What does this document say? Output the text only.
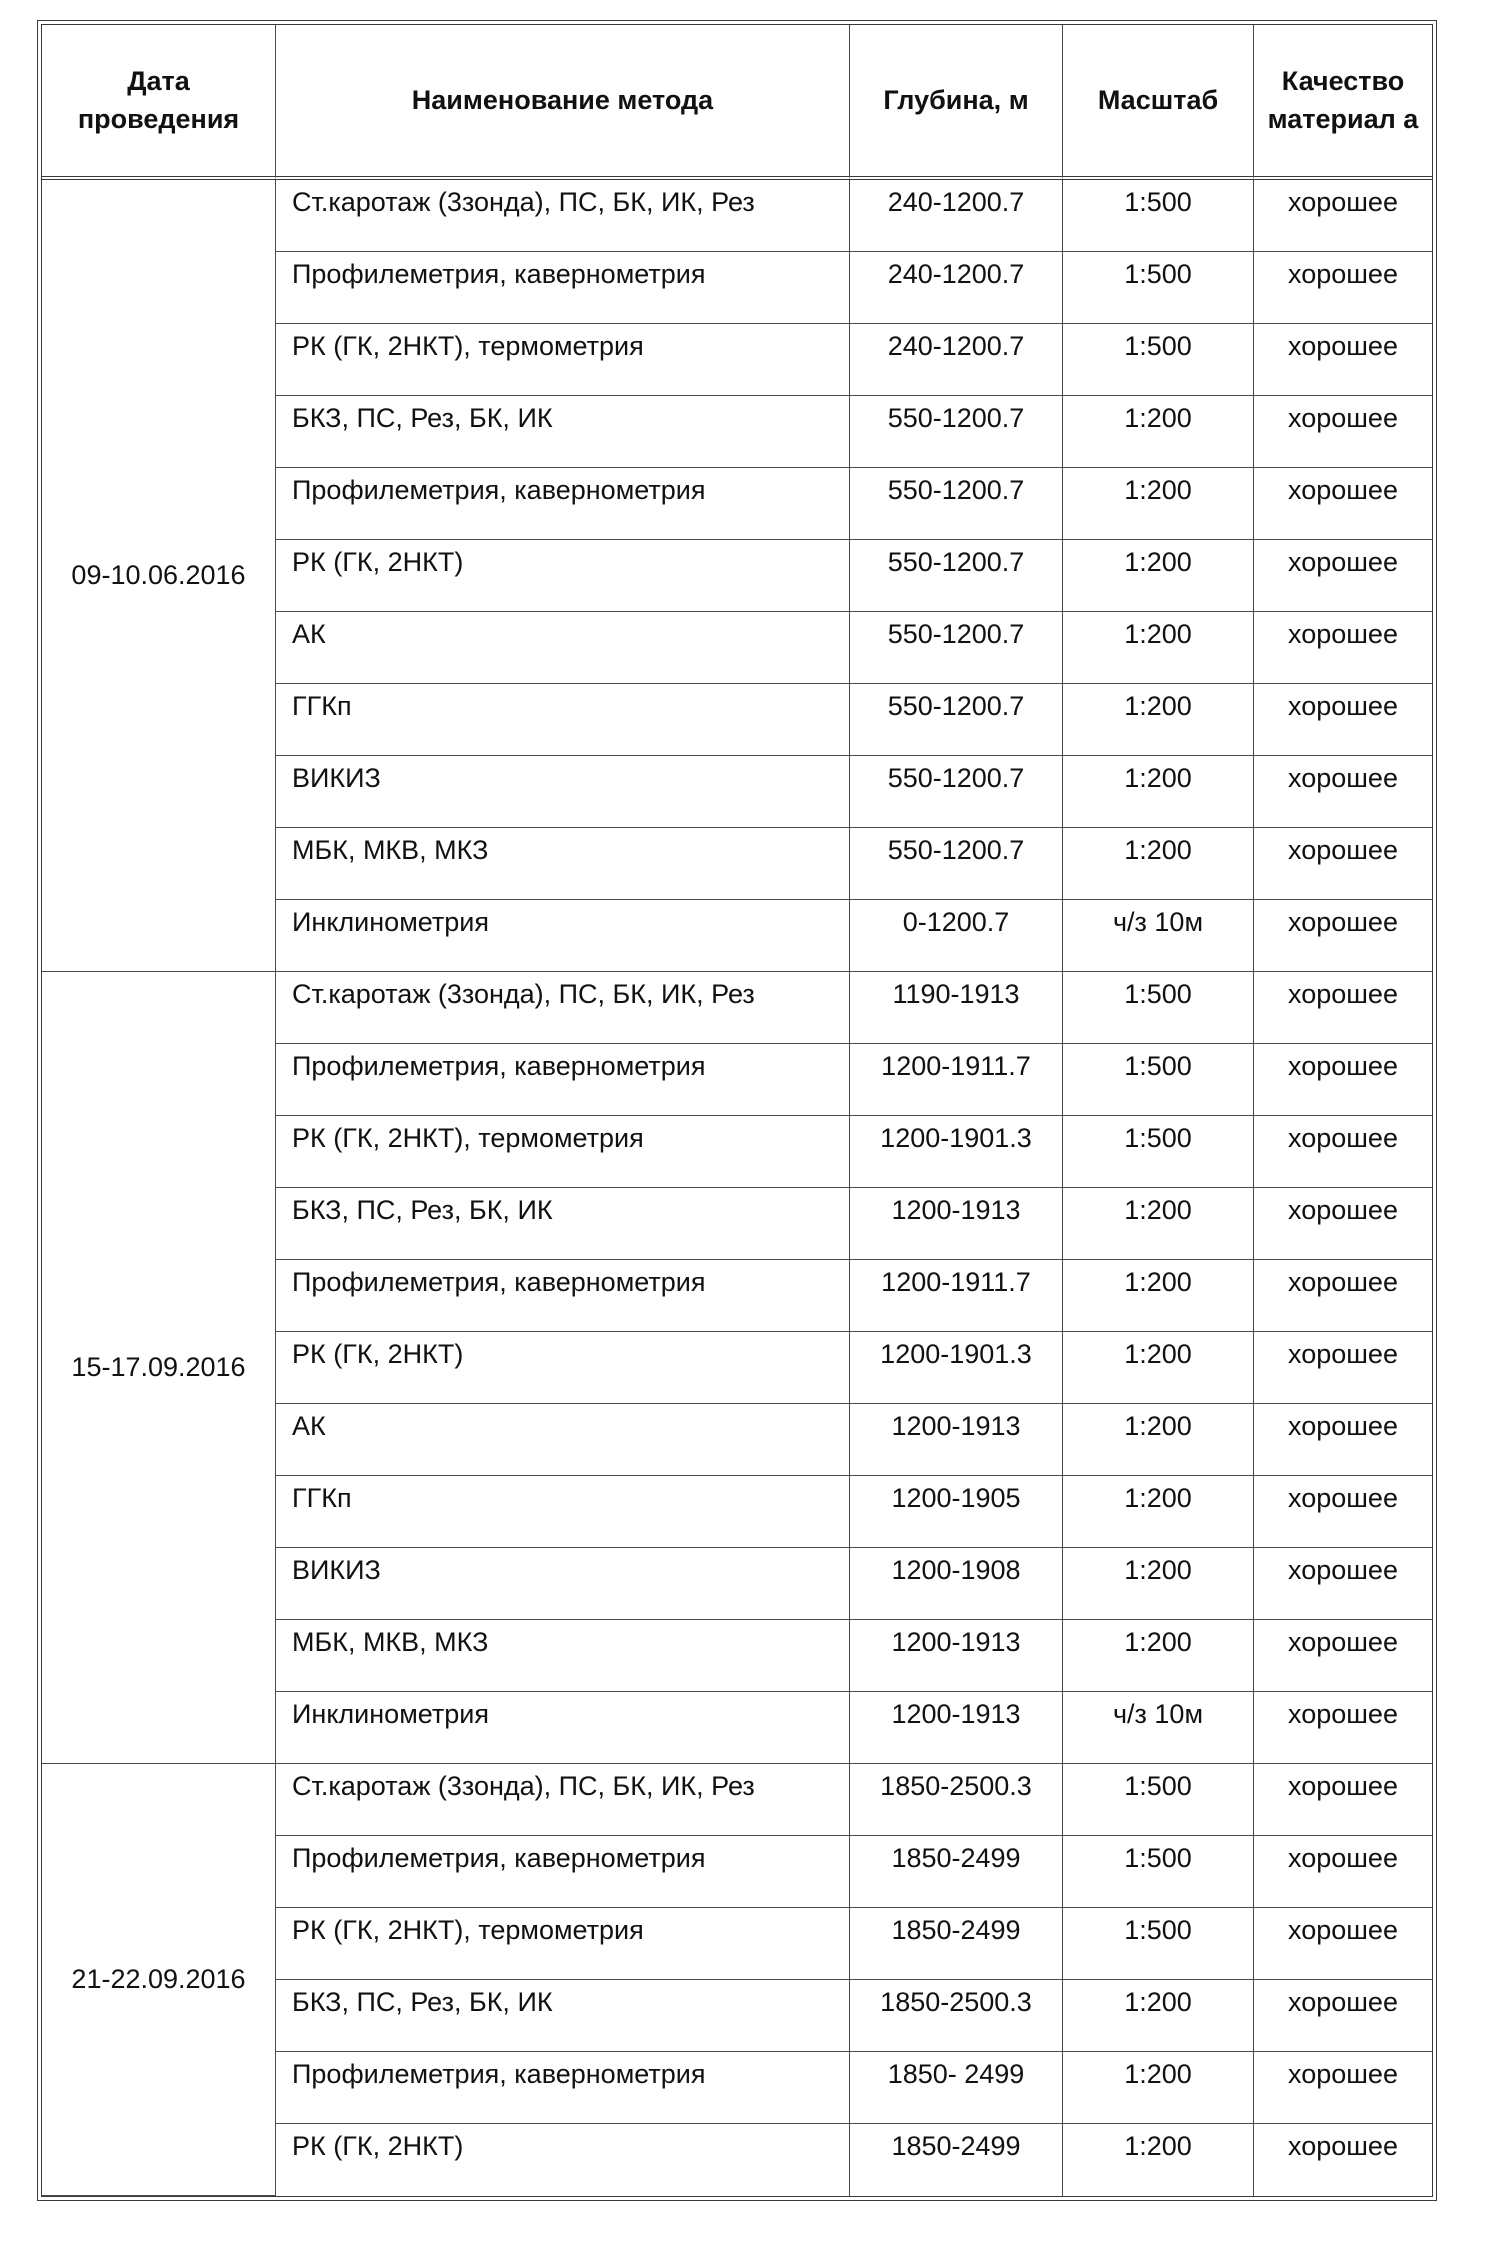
Дата проведения	Наименование метода	Глубина, м	Масштаб	Качество материал а
09-10.06.2016	Ст.каротаж (3зонда), ПС, БК, ИК, Рез	240-1200.7	1:500	хорошее
	Профилеметрия, кавернометрия	240-1200.7	1:500	хорошее
	РК (ГК, 2НКТ), термометрия	240-1200.7	1:500	хорошее
	БКЗ, ПС, Рез, БК, ИК	550-1200.7	1:200	хорошее
	Профилеметрия, кавернометрия	550-1200.7	1:200	хорошее
	РК (ГК, 2НКТ)	550-1200.7	1:200	хорошее
	АК	550-1200.7	1:200	хорошее
	ГГКп	550-1200.7	1:200	хорошее
	ВИКИЗ	550-1200.7	1:200	хорошее
	МБК, МКВ, МКЗ	550-1200.7	1:200	хорошее
	Инклинометрия	0-1200.7	ч/з 10м	хорошее
15-17.09.2016	Ст.каротаж (3зонда), ПС, БК, ИК, Рез	1190-1913	1:500	хорошее
	Профилеметрия, кавернометрия	1200-1911.7	1:500	хорошее
	РК (ГК, 2НКТ), термометрия	1200-1901.3	1:500	хорошее
	БКЗ, ПС, Рез, БК, ИК	1200-1913	1:200	хорошее
	Профилеметрия, кавернометрия	1200-1911.7	1:200	хорошее
	РК (ГК, 2НКТ)	1200-1901.3	1:200	хорошее
	АК	1200-1913	1:200	хорошее
	ГГКп	1200-1905	1:200	хорошее
	ВИКИЗ	1200-1908	1:200	хорошее
	МБК, МКВ, МКЗ	1200-1913	1:200	хорошее
	Инклинометрия	1200-1913	ч/з 10м	хорошее
21-22.09.2016	Ст.каротаж (3зонда), ПС, БК, ИК, Рез	1850-2500.3	1:500	хорошее
	Профилеметрия, кавернометрия	1850-2499	1:500	хорошее
	РК (ГК, 2НКТ), термометрия	1850-2499	1:500	хорошее
	БКЗ, ПС, Рез, БК, ИК	1850-2500.3	1:200	хорошее
	Профилеметрия, кавернометрия	1850- 2499	1:200	хорошее
	РК (ГК, 2НКТ)	1850-2499	1:200	хорошее
